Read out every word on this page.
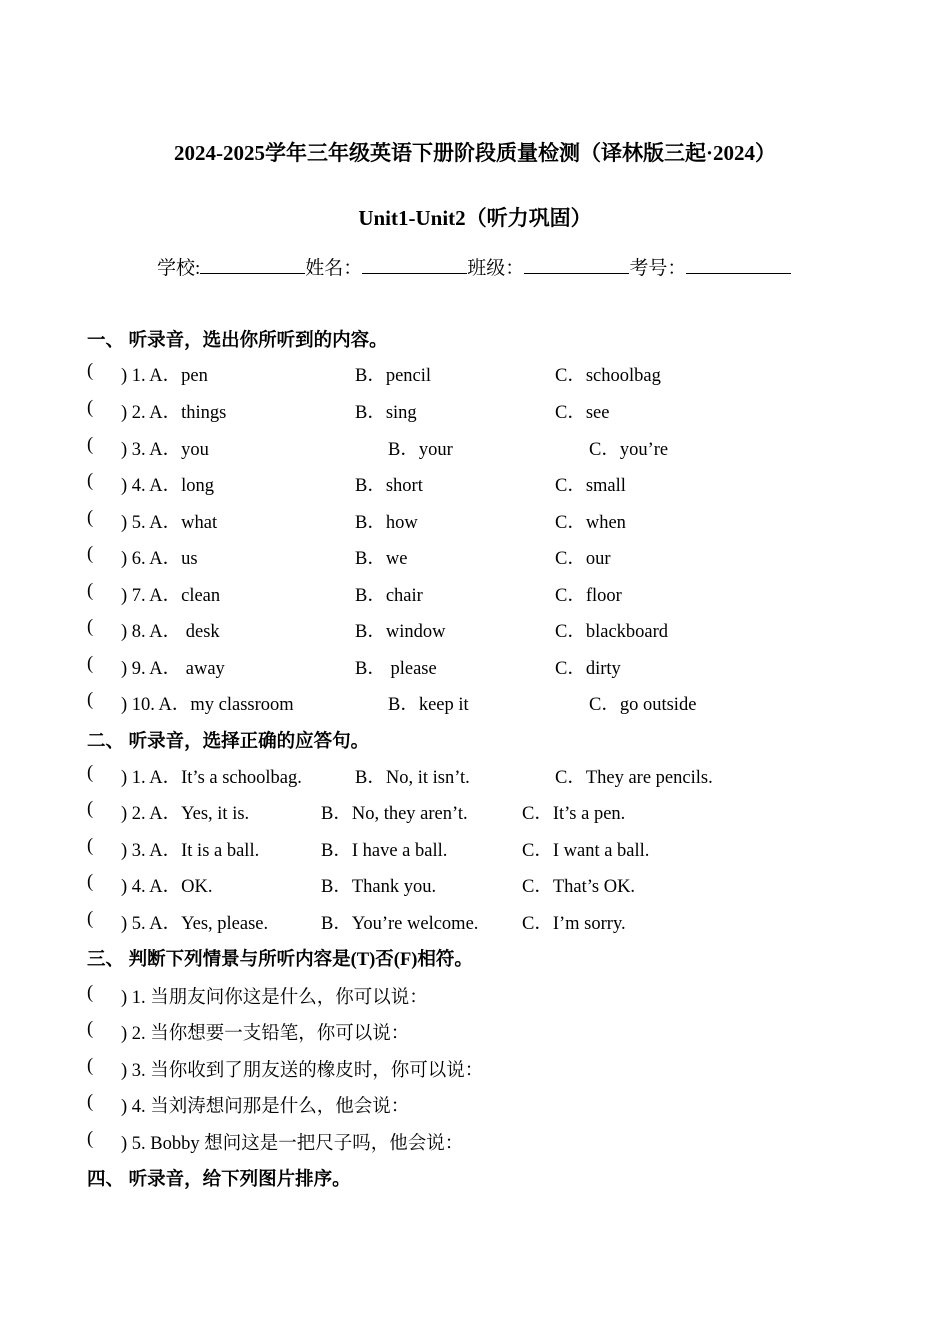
2024-2025学年三年级英语下册阶段质量检测（译林版三起·2024）
Unit1-Unit2（听力巩固）
学校:	姓名：	班级：	考号：
一、 听录音，选出你所听到的内容。
( ) 1. A．pen	B．pencil	C．schoolbag
( ) 2. A．things	B．sing	C．see
( ) 3. A．you	B．your	C．you’re
( ) 4. A．long	B．short	C．small
( ) 5. A．what	B．how	C．when
( ) 6. A．us	B．we	C．our
( ) 7. A．clean	B．chair	C．floor
( ) 8. A． desk	B．window	C．blackboard
( ) 9. A． away	B． please	C．dirty
( ) 10. A．my classroom	B．keep it	C．go outside
二、 听录音，选择正确的应答句。
( ) 1. A．It’s a schoolbag.	B．No, it isn’t.	C．They are pencils.
( ) 2. A．Yes, it is.	B．No, they aren’t.	C．It’s a pen.
( ) 3. A．It is a ball.	B．I have a ball.	C．I want a ball.
( ) 4. A．OK.	B．Thank you.	C．That’s OK.
( ) 5. A．Yes, please.	B．You’re welcome. C．I’m sorry.
三、 判断下列情景与所听内容是(T)否(F)相符。
( ) 1. 当朋友问你这是什么，你可以说：
( ) 2. 当你想要一支铅笔，你可以说：
( ) 3. 当你收到了朋友送的橡皮时，你可以说：
( ) 4. 当刘涛想问那是什么，他会说：
( ) 5. Bobby 想问这是一把尺子吗，他会说：
四、 听录音，给下列图片排序。
